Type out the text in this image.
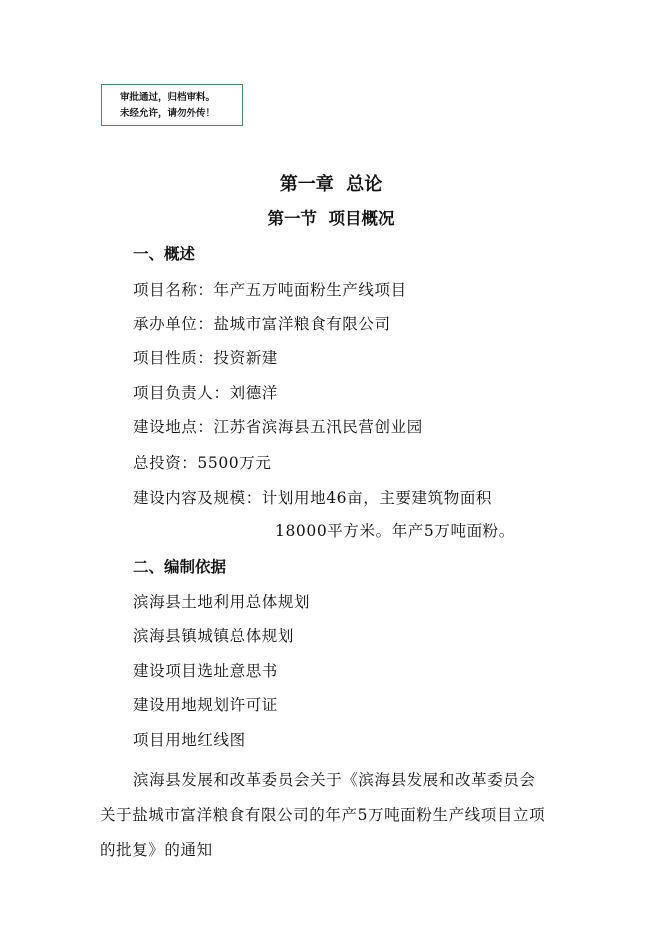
审批通过，归档审料。
未经允许，请勿外传！
第一章  总论
第一节  项目概况
一、概述
项目名称：年产五万吨面粉生产线项目
承办单位：盐城市富洋粮食有限公司
项目性质：投资新建
项目负责人：刘德洋
建设地点：江苏省滨海县五汛民营创业园
总投资：5500万元
建设内容及规模：计划用地46亩，主要建筑物面积
18000平方米。年产5万吨面粉。
二、编制依据
滨海县土地利用总体规划
滨海县镇城镇总体规划
建设项目选址意思书
建设用地规划许可证
项目用地红线图
滨海县发展和改革委员会关于《滨海县发展和改革委员会关于盐城市富洋粮食有限公司的年产5万吨面粉生产线项目立项的批复》的通知
